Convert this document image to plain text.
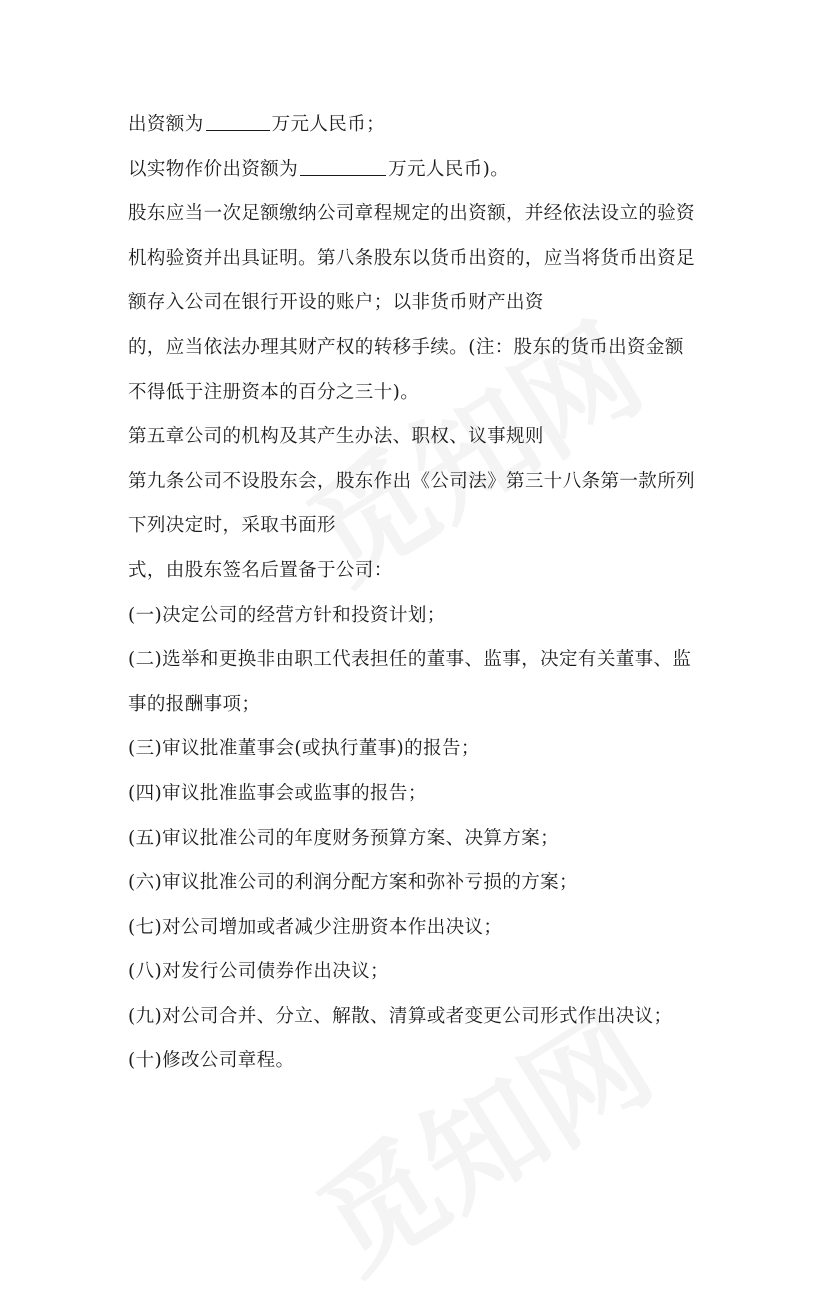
出资额为	万元人民币；
以实物作价出资额为	万元人民币)。
股东应当一次足额缴纳公司章程规定的出资额，并经依法设立的验资
机构验资并出具证明。第八条股东以货币出资的，应当将货币出资足
额存入公司在银行开设的账户；以非货币财产出资
的，应当依法办理其财产权的转移手续。(注：股东的货币出资金额
不得低于注册资本的百分之三十)。
第五章公司的机构及其产生办法、职权、议事规则
第九条公司不设股东会，股东作出《公司法》第三十八条第一款所列
下列决定时，采取书面形
式，由股东签名后置备于公司：
(一)决定公司的经营方针和投资计划；
(二)选举和更换非由职工代表担任的董事、监事，决定有关董事、监
事的报酬事项；
(三)审议批准董事会(或执行董事)的报告；
(四)审议批准监事会或监事的报告；
(五)审议批准公司的年度财务预算方案、决算方案；
(六)审议批准公司的利润分配方案和弥补亏损的方案；
(七)对公司增加或者减少注册资本作出决议；
(八)对发行公司债券作出决议；
(九)对公司合并、分立、解散、清算或者变更公司形式作出决议；
(十)修改公司章程。
